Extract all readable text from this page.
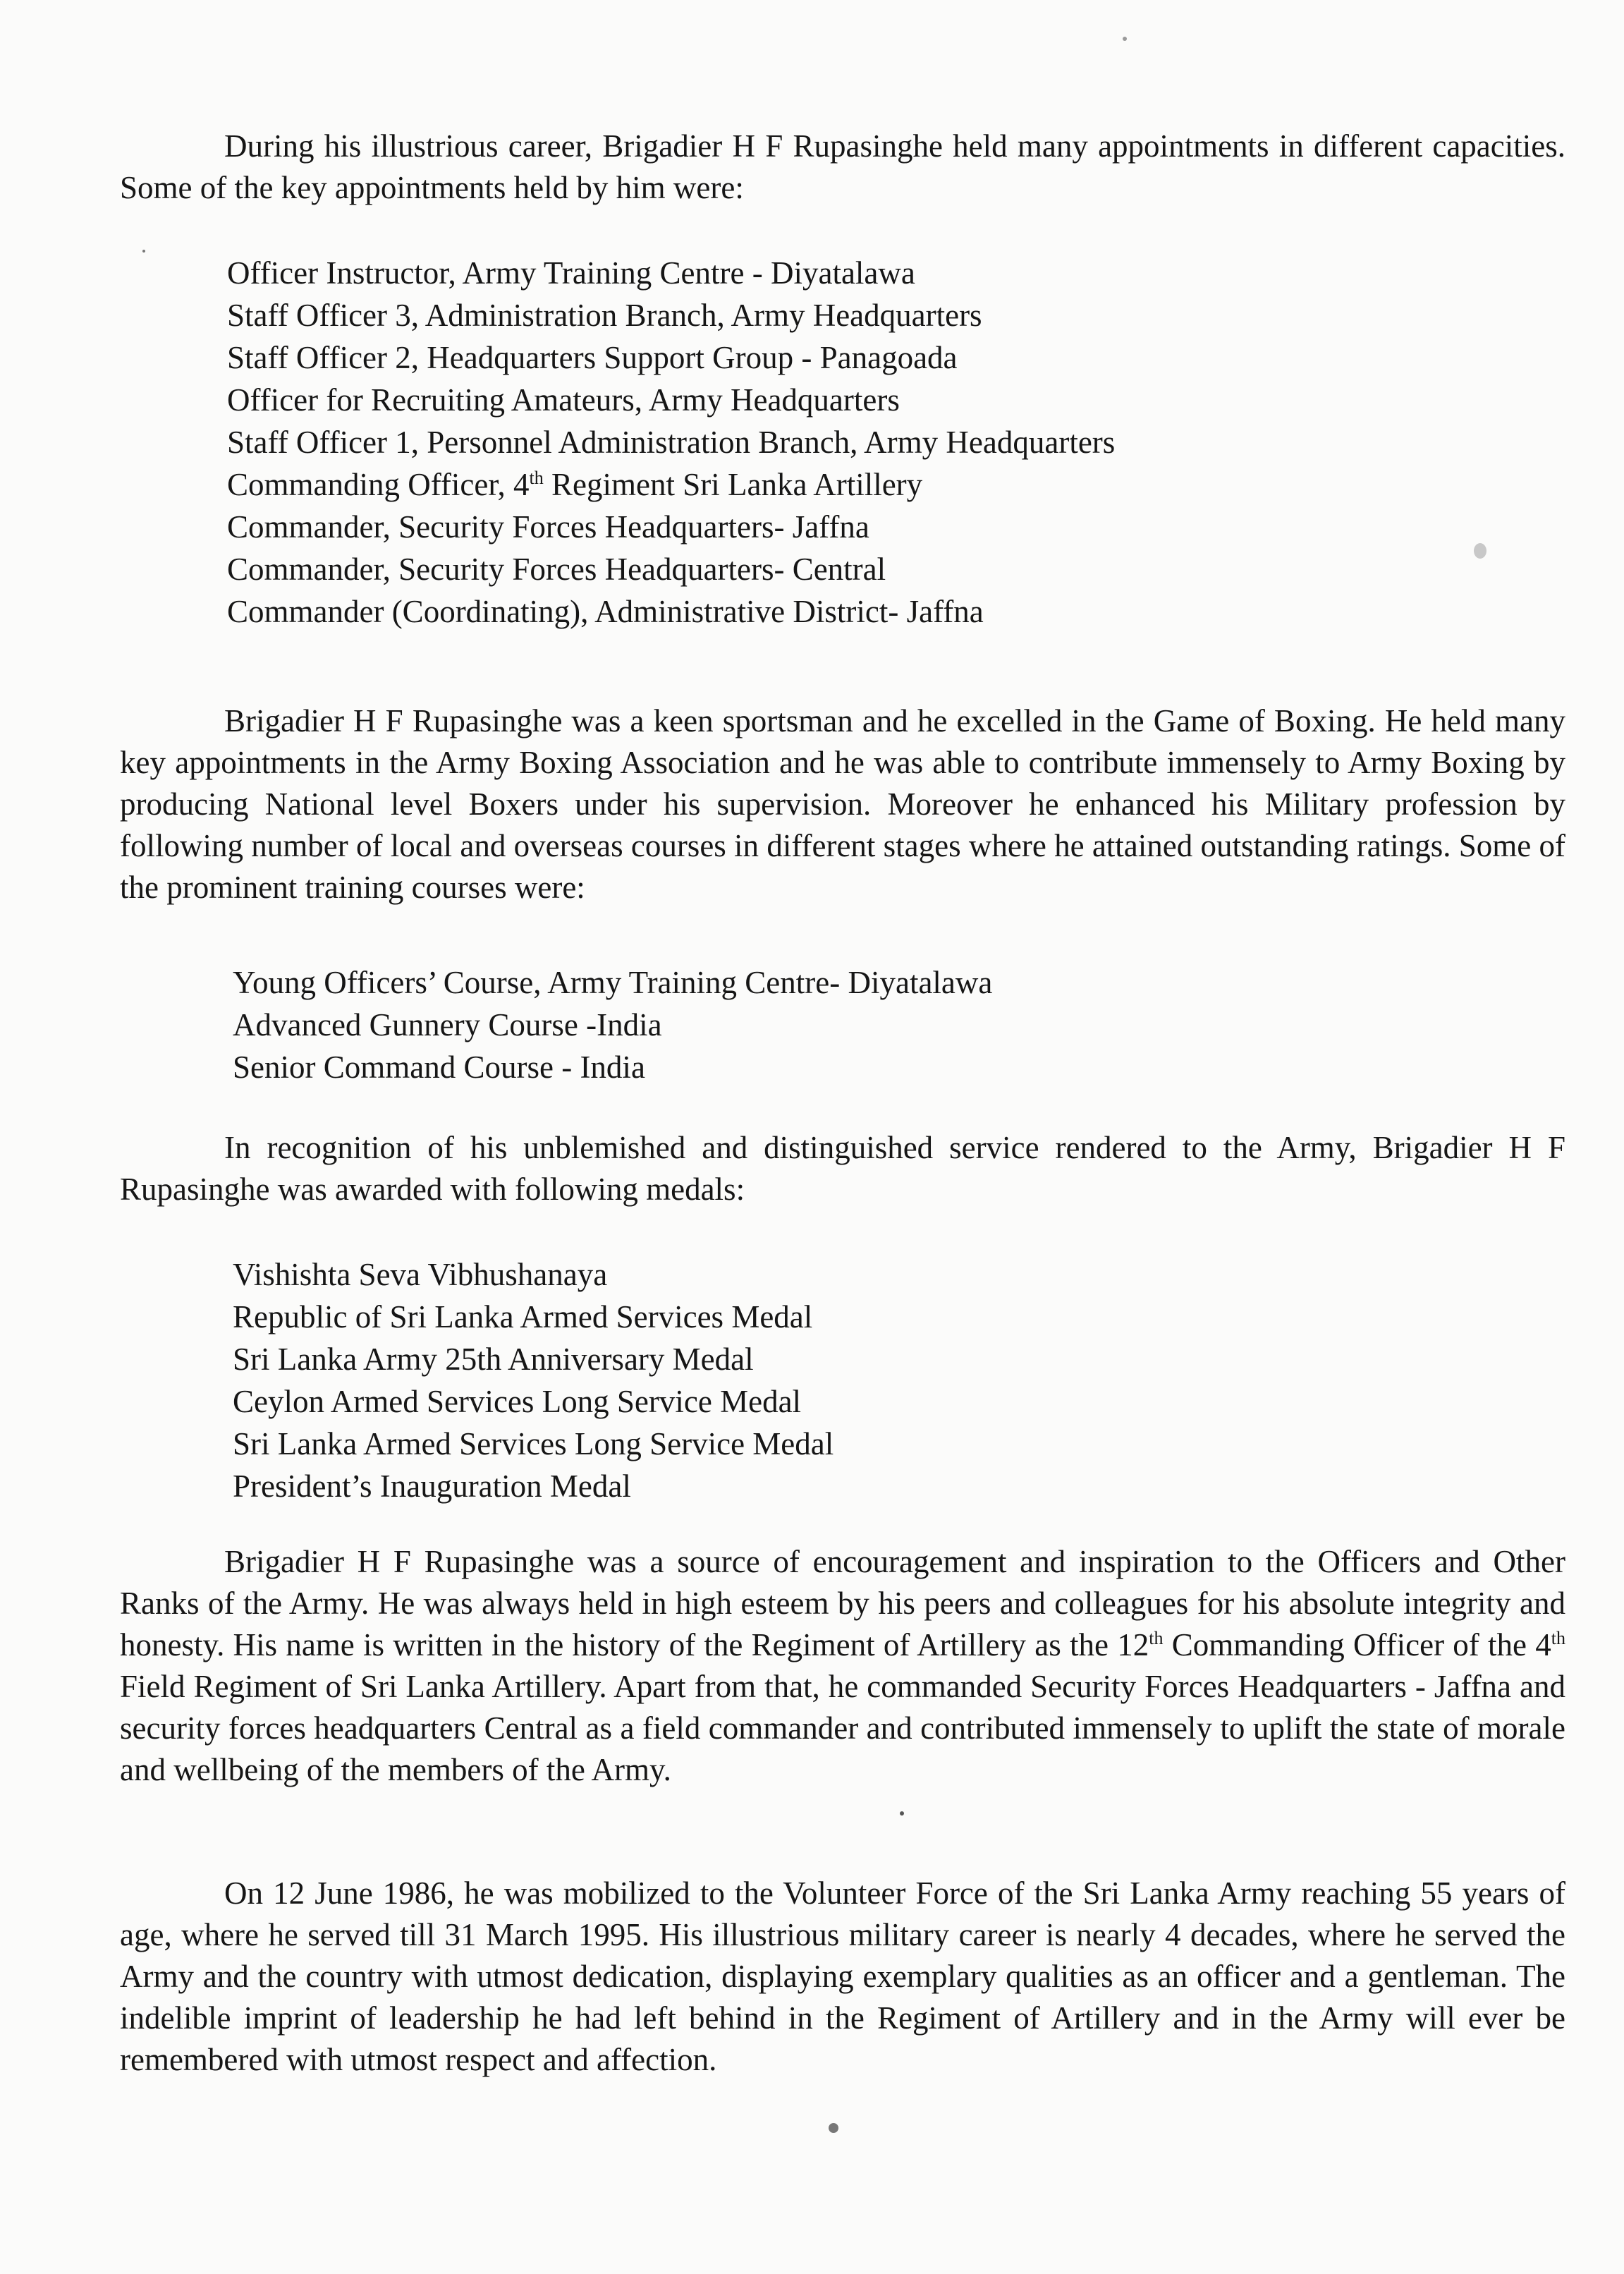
During his illustrious career, Brigadier H F Rupasinghe held many appointments in different capacities. Some of the key appointments held by him were:

Officer Instructor, Army Training Centre - Diyatalawa
Staff Officer 3, Administration Branch, Army Headquarters
Staff Officer 2, Headquarters Support Group - Panagoada
Officer for Recruiting Amateurs, Army Headquarters
Staff Officer 1, Personnel Administration Branch, Army Headquarters
Commanding Officer, 4th Regiment Sri Lanka Artillery
Commander, Security Forces Headquarters- Jaffna
Commander, Security Forces Headquarters- Central
Commander (Coordinating), Administrative District- Jaffna

Brigadier H F Rupasinghe was a keen sportsman and he excelled in the Game of Boxing. He held many key appointments in the Army Boxing Association and he was able to contribute immensely to Army Boxing by producing National level Boxers under his supervision. Moreover he enhanced his Military profession by following number of local and overseas courses in different stages where he attained outstanding ratings. Some of the prominent training courses were:

Young Officers’ Course, Army Training Centre- Diyatalawa
Advanced Gunnery Course -India
Senior Command Course - India

In recognition of his unblemished and distinguished service rendered to the Army, Brigadier H F Rupasinghe was awarded with following medals:

Vishishta Seva Vibhushanaya
Republic of Sri Lanka Armed Services Medal
Sri Lanka Army 25th Anniversary Medal
Ceylon Armed Services Long Service Medal
Sri Lanka Armed Services Long Service Medal
President’s Inauguration Medal

Brigadier H F Rupasinghe was a source of encouragement and inspiration to the Officers and Other Ranks of the Army. He was always held in high esteem by his peers and colleagues for his absolute integrity and honesty. His name is written in the history of the Regiment of Artillery as the 12th Commanding Officer of the 4th Field Regiment of Sri Lanka Artillery. Apart from that, he commanded Security Forces Headquarters - Jaffna and security forces headquarters Central as a field commander and contributed immensely to uplift the state of morale and wellbeing of the members of the Army.

On 12 June 1986, he was mobilized to the Volunteer Force of the Sri Lanka Army reaching 55 years of age, where he served till 31 March 1995. His illustrious military career is nearly 4 decades, where he served the Army and the country with utmost dedication, displaying exemplary qualities as an officer and a gentleman. The indelible imprint of leadership he had left behind in the Regiment of Artillery and in the Army will ever be remembered with utmost respect and affection.
